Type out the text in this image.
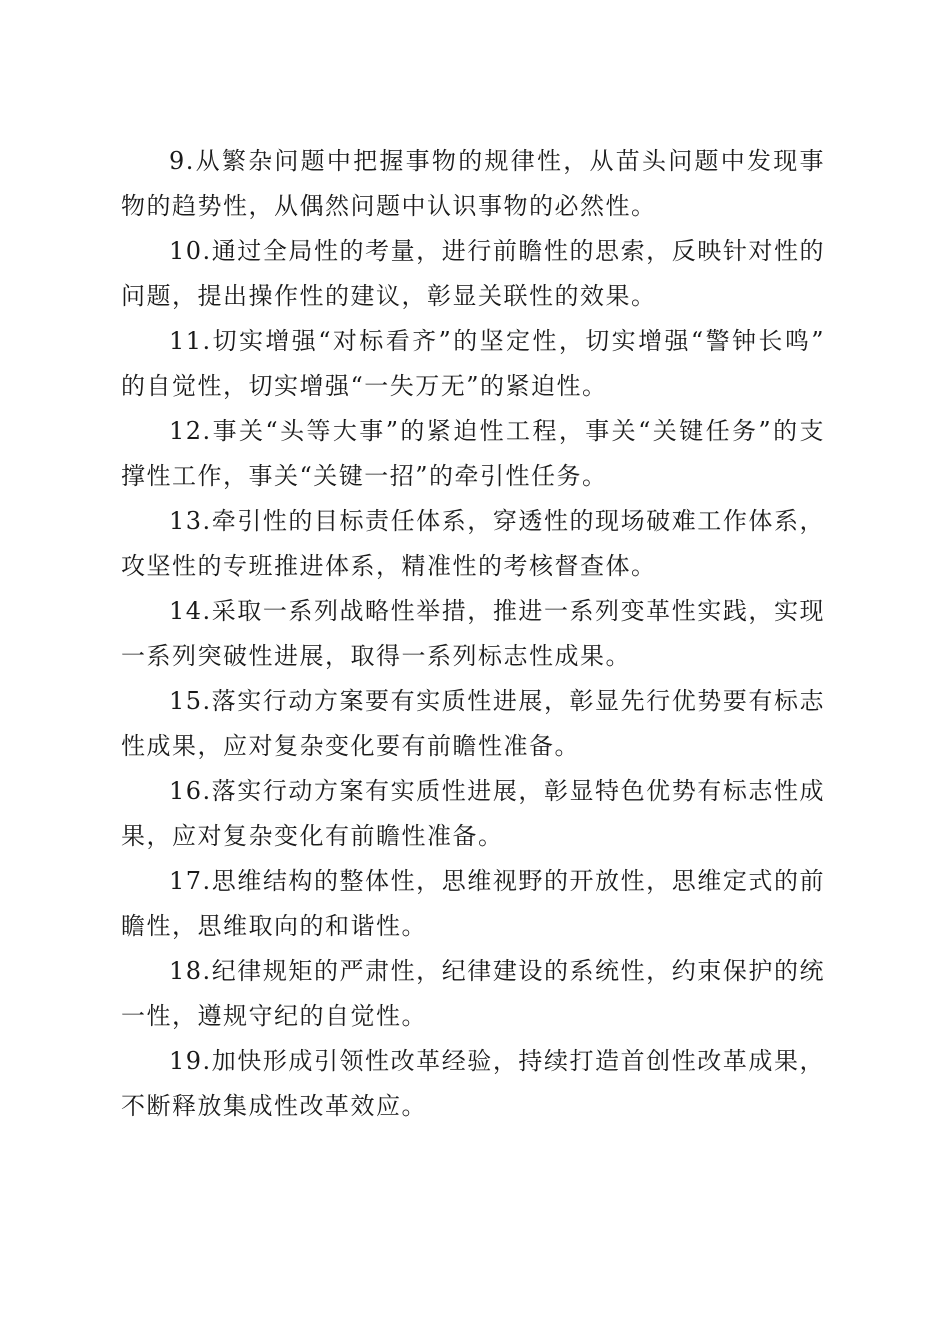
9.从繁杂问题中把握事物的规律性，从苗头问题中发现事物的趋势性，从偶然问题中认识事物的必然性。

10.通过全局性的考量，进行前瞻性的思索，反映针对性的问题，提出操作性的建议，彰显关联性的效果。

11.切实增强“对标看齐”的坚定性，切实增强“警钟长鸣”的自觉性，切实增强“一失万无”的紧迫性。

12.事关“头等大事”的紧迫性工程，事关“关键任务”的支撑性工作，事关“关键一招”的牵引性任务。

13.牵引性的目标责任体系，穿透性的现场破难工作体系，攻坚性的专班推进体系，精准性的考核督查体。

14.采取一系列战略性举措，推进一系列变革性实践，实现一系列突破性进展，取得一系列标志性成果。

15.落实行动方案要有实质性进展，彰显先行优势要有标志性成果，应对复杂变化要有前瞻性准备。

16.落实行动方案有实质性进展，彰显特色优势有标志性成果，应对复杂变化有前瞻性准备。

17.思维结构的整体性，思维视野的开放性，思维定式的前瞻性，思维取向的和谐性。

18.纪律规矩的严肃性，纪律建设的系统性，约束保护的统一性，遵规守纪的自觉性。

19.加快形成引领性改革经验，持续打造首创性改革成果，不断释放集成性改革效应。
